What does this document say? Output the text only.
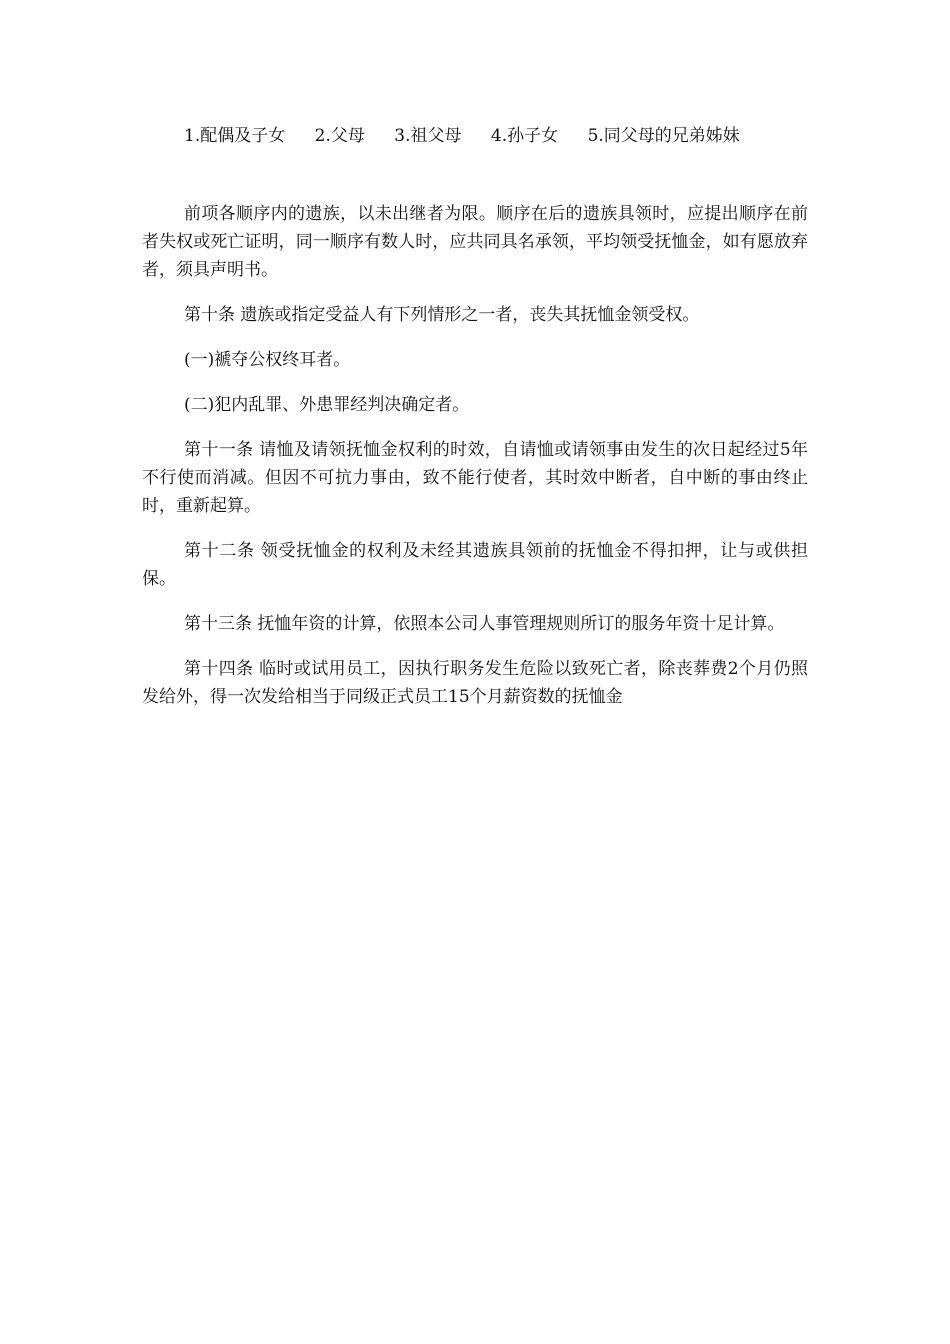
1.配偶及子女 2.父母 3.祖父母 4.孙子女 5.同父母的兄弟姊妹

前项各顺序内的遗族，以未出继者为限。顺序在后的遗族具领时，应提出顺序在前者失权或死亡证明，同一顺序有数人时，应共同具名承领，平均领受抚恤金，如有愿放弃者，须具声明书。

第十条 遗族或指定受益人有下列情形之一者，丧失其抚恤金领受权。

(一)褫夺公权终耳者。

(二)犯内乱罪、外患罪经判决确定者。

第十一条 请恤及请领抚恤金权利的时效，自请恤或请领事由发生的次日起经过5年不行使而消减。但因不可抗力事由，致不能行使者，其时效中断者，自中断的事由终止时，重新起算。

第十二条 领受抚恤金的权利及未经其遗族具领前的抚恤金不得扣押，让与或供担保。

第十三条 抚恤年资的计算，依照本公司人事管理规则所订的服务年资十足计算。

第十四条 临时或试用员工，因执行职务发生危险以致死亡者，除丧葬费2个月仍照发给外，得一次发给相当于同级正式员工15个月薪资数的抚恤金
